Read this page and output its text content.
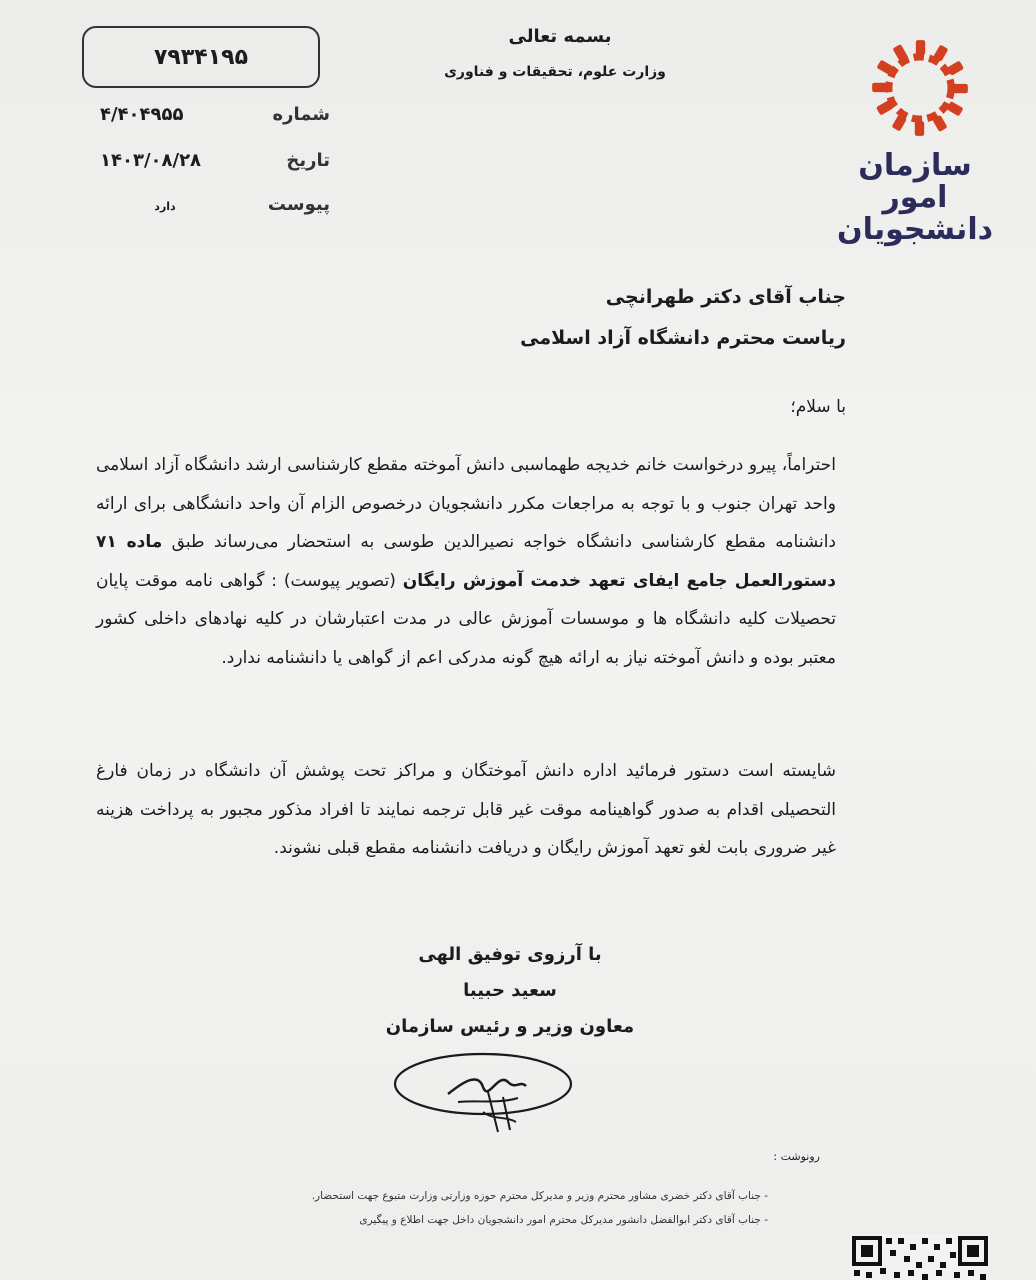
۷۹۳۴۱۹۵
بسمه تعالی
وزارت علوم، تحقیقات و فناوری
شماره
۴/۴۰۴۹۵۵
تاریخ
۱۴۰۳/۰۸/۲۸
پیوست
دارد
سازمان امور دانشجویان
جناب آقای دکتر طهرانچی
ریاست محترم دانشگاه آزاد اسلامی
با سلام؛
احتراماً، پیرو درخواست خانم خدیجه طهماسبی دانش آموخته مقطع کارشناسی ارشد دانشگاه آزاد اسلامی واحد تهران جنوب و با توجه به مراجعات مکرر دانشجویان درخصوص الزام آن واحد دانشگاهی برای ارائه دانشنامه مقطع کارشناسی دانشگاه خواجه نصیرالدین طوسی به استحضار می‌رساند طبق ماده ۷۱ دستورالعمل جامع ایفای تعهد خدمت آموزش رایگان (تصویر پیوست) : گواهی نامه موقت پایان تحصیلات کلیه دانشگاه ها و موسسات آموزش عالی در مدت اعتبارشان در کلیه نهادهای داخلی کشور معتبر بوده و دانش آموخته نیاز به ارائه هیچ گونه مدرکی اعم از گواهی یا دانشنامه ندارد.
شایسته است دستور فرمائید اداره دانش آموختگان و مراکز تحت پوشش آن دانشگاه در زمان فارغ التحصیلی اقدام به صدور گواهینامه موقت غیر قابل ترجمه نمایند تا افراد مذکور مجبور به پرداخت هزینه غیر ضروری بابت لغو تعهد آموزش رایگان و دریافت دانشنامه مقطع قبلی نشوند.
با آرزوی توفیق الهی
سعید حبیبا
معاون وزیر و رئیس سازمان
رونوشت :
- جناب آقای دکتر خضری مشاور محترم وزیر و مدیرکل محترم حوزه وزارتی وزارت متبوع جهت استحضار.
- جناب آقای دکتر ابوالفضل دانشور مدیرکل محترم امور دانشجویان داخل جهت اطلاع و پیگیری
